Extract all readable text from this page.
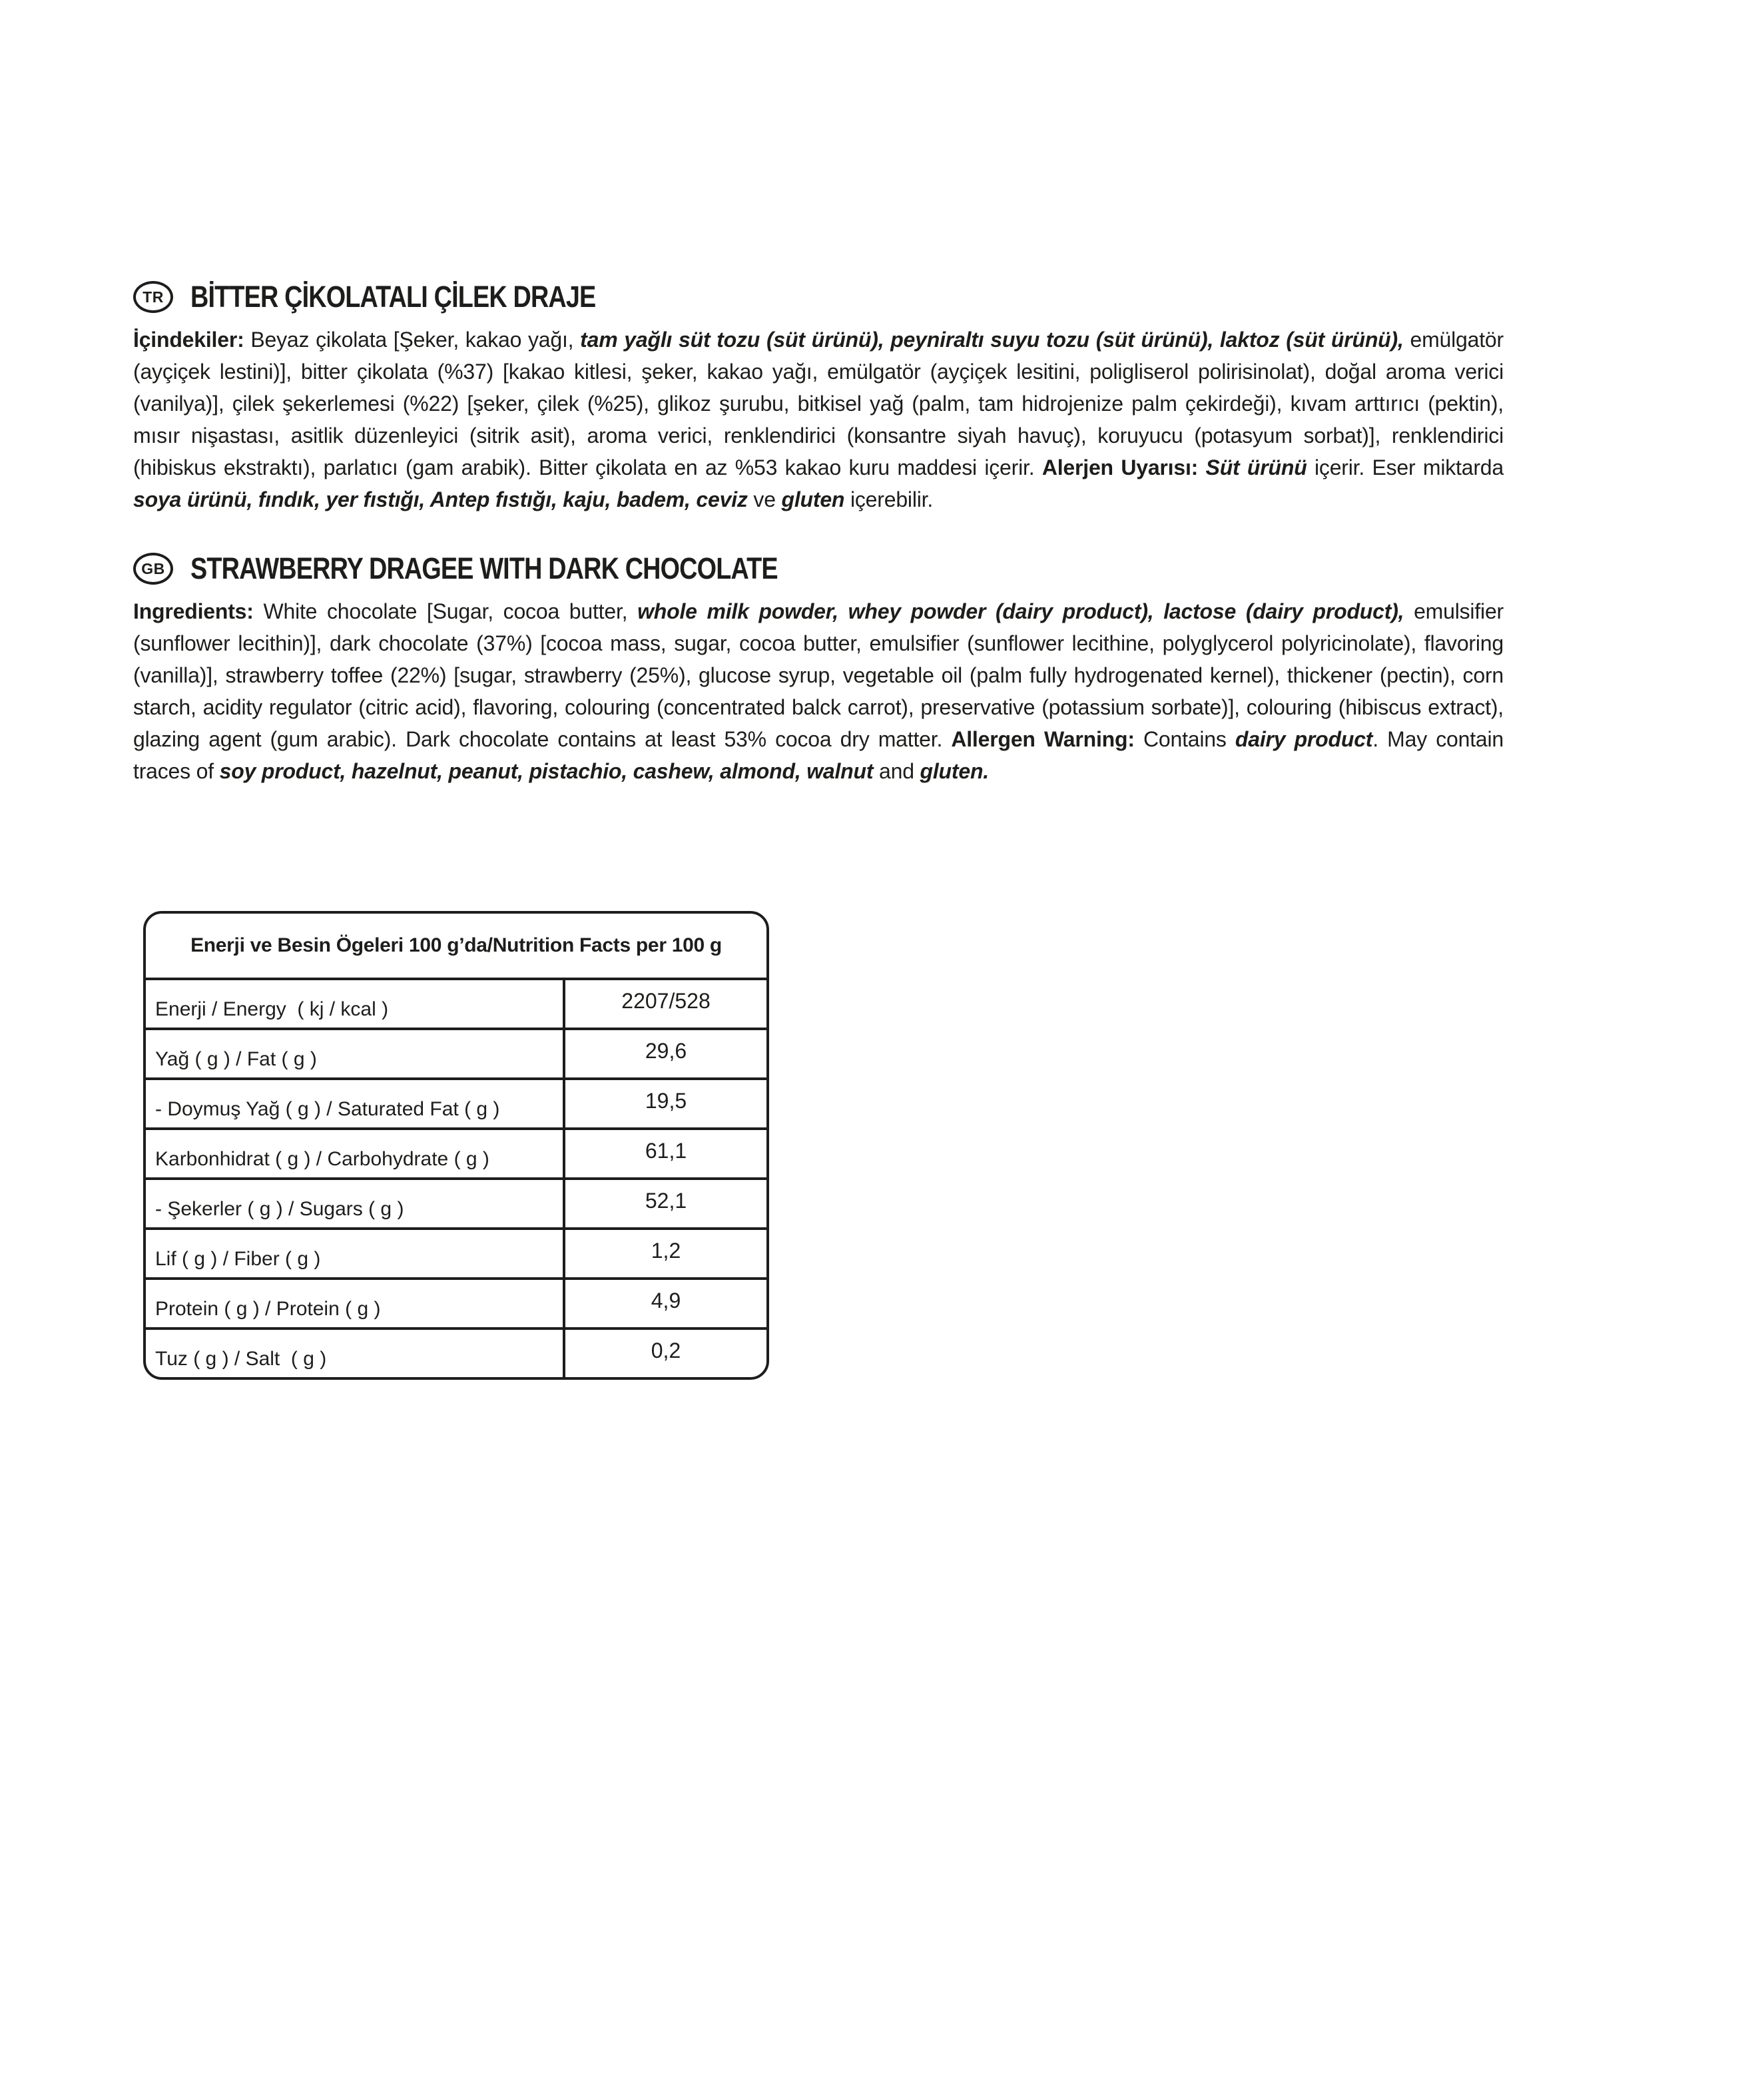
TR BİTTER ÇİKOLATALI ÇİLEK DRAJE

İçindekiler: Beyaz çikolata [Şeker, kakao yağı, tam yağlı süt tozu (süt ürünü), peyniraltı suyu tozu (süt ürünü), laktoz (süt ürünü), emülgatör (ayçiçek lestini)], bitter çikolata (%37) [kakao kitlesi, şeker, kakao yağı, emülgatör (ayçiçek lesitini, poligliserol polirisinolat), doğal aroma verici (vanilya)], çilek şekerlemesi (%22) [şeker, çilek (%25), glikoz şurubu, bitkisel yağ (palm, tam hidrojenize palm çekirdeği), kıvam arttırıcı (pektin), mısır nişastası, asitlik düzenleyici (sitrik asit), aroma verici, renklendirici (konsantre siyah havuç), koruyucu (potasyum sorbat)], renklendirici (hibiskus ekstraktı), parlatıcı (gam arabik). Bitter çikolata en az %53 kakao kuru maddesi içerir. Alerjen Uyarısı: Süt ürünü içerir. Eser miktarda soya ürünü, fındık, yer fıstığı, Antep fıstığı, kaju, badem, ceviz ve gluten içerebilir.

GB STRAWBERRY DRAGEE WITH DARK CHOCOLATE

Ingredients: White chocolate [Sugar, cocoa butter, whole milk powder, whey powder (dairy product), lactose (dairy product), emulsifier (sunflower lecithin)], dark chocolate (37%) [cocoa mass, sugar, cocoa butter, emulsifier (sunflower lecithine, polyglycerol polyricinolate), flavoring (vanilla)], strawberry toffee (22%) [sugar, strawberry (25%), glucose syrup, vegetable oil (palm fully hydrogenated kernel), thickener (pectin), corn starch, acidity regulator (citric acid), flavoring, colouring (concentrated balck carrot), preservative (potassium sorbate)], colouring (hibiscus extract), glazing agent (gum arabic). Dark chocolate contains at least 53% cocoa dry matter. Allergen Warning: Contains dairy product. May contain traces of soy product, hazelnut, peanut, pistachio, cashew, almond, walnut and gluten.

Enerji ve Besin Ögeleri 100 g’da/Nutrition Facts per 100 g
Enerji / Energy  ( kj / kcal )	2207/528
Yağ ( g ) / Fat ( g )	29,6
- Doymuş Yağ ( g ) / Saturated Fat ( g )	19,5
Karbonhidrat ( g ) / Carbohydrate ( g )	61,1
- Şekerler ( g ) / Sugars ( g )	52,1
Lif ( g ) / Fiber ( g )	1,2
Protein ( g ) / Protein ( g )	4,9
Tuz ( g ) / Salt  ( g )	0,2
